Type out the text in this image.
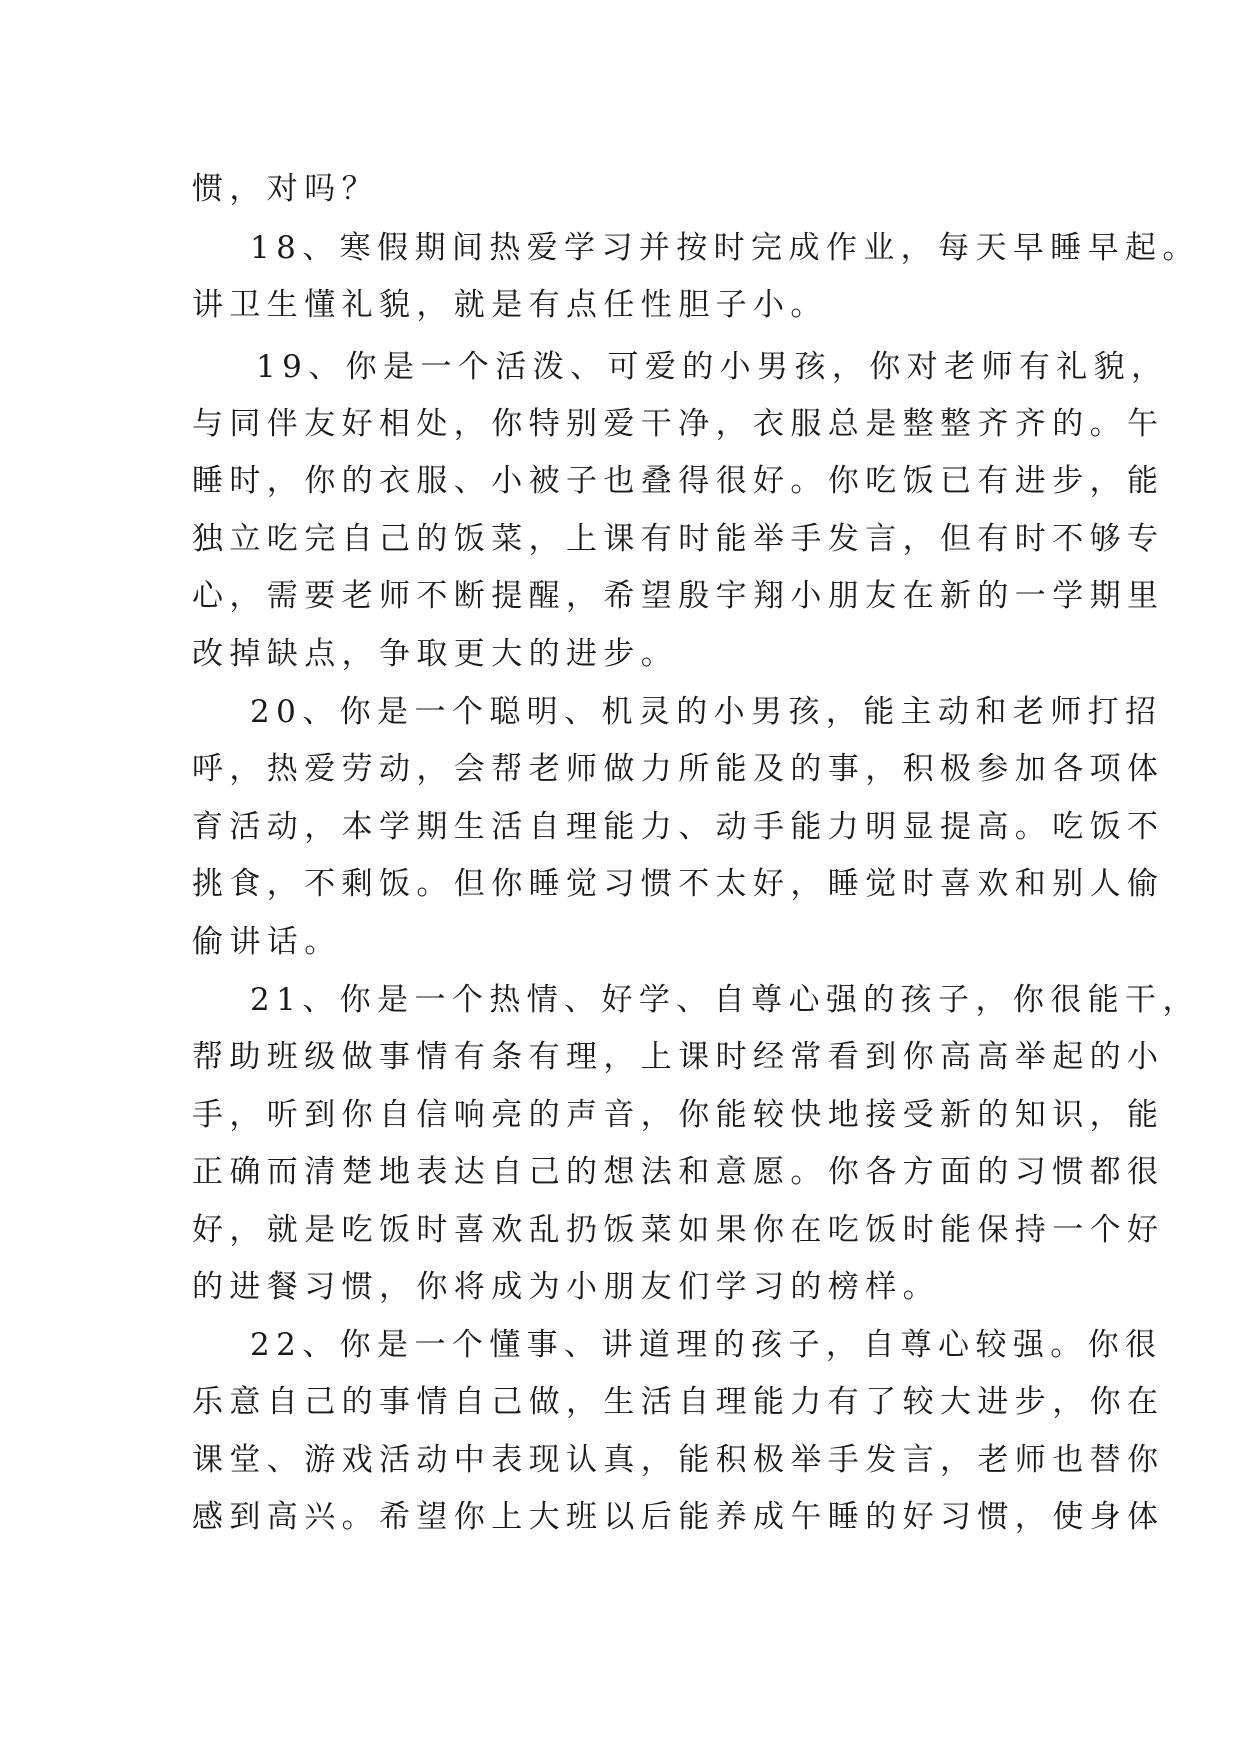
惯，对吗？
18、寒假期间热爱学习并按时完成作业，每天早睡早起。
讲卫生懂礼貌，就是有点任性胆子小。
19、你是一个活泼、可爱的小男孩，你对老师有礼貌，
与同伴友好相处，你特别爱干净，衣服总是整整齐齐的。午
睡时，你的衣服、小被子也叠得很好。你吃饭已有进步，能
独立吃完自己的饭菜，上课有时能举手发言，但有时不够专
心，需要老师不断提醒，希望殷宇翔小朋友在新的一学期里
改掉缺点，争取更大的进步。
20、你是一个聪明、机灵的小男孩，能主动和老师打招
呼，热爱劳动，会帮老师做力所能及的事，积极参加各项体
育活动，本学期生活自理能力、动手能力明显提高。吃饭不
挑食，不剩饭。但你睡觉习惯不太好，睡觉时喜欢和别人偷
偷讲话。
21、你是一个热情、好学、自尊心强的孩子，你很能干，
帮助班级做事情有条有理，上课时经常看到你高高举起的小
手，听到你自信响亮的声音，你能较快地接受新的知识，能
正确而清楚地表达自己的想法和意愿。你各方面的习惯都很
好，就是吃饭时喜欢乱扔饭菜如果你在吃饭时能保持一个好
的进餐习惯，你将成为小朋友们学习的榜样。
22、你是一个懂事、讲道理的孩子，自尊心较强。你很
乐意自己的事情自己做，生活自理能力有了较大进步，你在
课堂、游戏活动中表现认真，能积极举手发言，老师也替你
感到高兴。希望你上大班以后能养成午睡的好习惯，使身体
